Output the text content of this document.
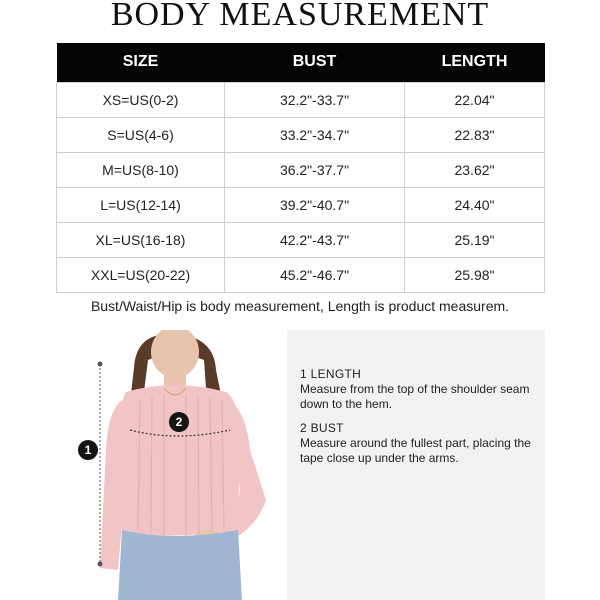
BODY MEASUREMENT
SIZE	BUST	LENGTH
XS=US(0-2)	32.2"-33.7"	22.04"
S=US(4-6)	33.2"-34.7"	22.83"
M=US(8-10)	36.2"-37.7"	23.62"
L=US(12-14)	39.2"-40.7"	24.40"
XL=US(16-18)	42.2"-43.7"	25.19"
XXL=US(20-22)	45.2"-46.7"	25.98"
Bust/Waist/Hip is body measurement, Length is product measurem.
1
2
1 LENGTH
Measure from the top of the shoulder seam down to the hem.
2 BUST
Measure around the fullest part, placing the tape close up under the arms.
